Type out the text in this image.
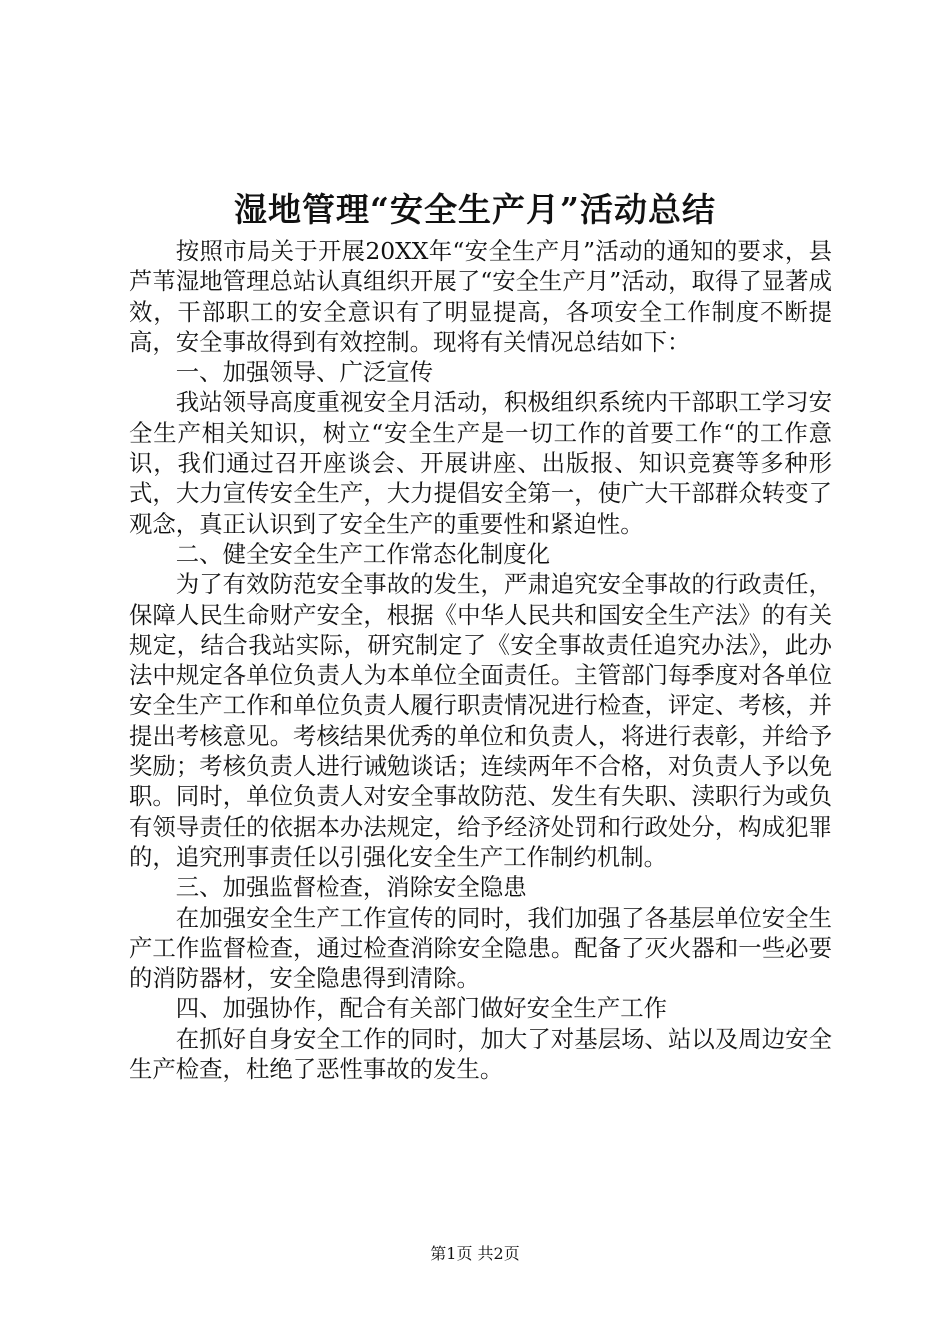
湿地管理“安全生产月”活动总结

按照市局关于开展20XX年“安全生产月”活动的通知的要求，县芦苇湿地管理总站认真组织开展了“安全生产月”活动，取得了显著成效，干部职工的安全意识有了明显提高，各项安全工作制度不断提高，安全事故得到有效控制。现将有关情况总结如下：

一、加强领导、广泛宣传

我站领导高度重视安全月活动，积极组织系统内干部职工学习安全生产相关知识，树立“安全生产是一切工作的首要工作“的工作意识，我们通过召开座谈会、开展讲座、出版报、知识竞赛等多种形式，大力宣传安全生产，大力提倡安全第一，使广大干部群众转变了观念，真正认识到了安全生产的重要性和紧迫性。

二、健全安全生产工作常态化制度化

为了有效防范安全事故的发生，严肃追究安全事故的行政责任，保障人民生命财产安全，根据《中华人民共和国安全生产法》的有关规定，结合我站实际，研究制定了《安全事故责任追究办法》，此办法中规定各单位负责人为本单位全面责任。主管部门每季度对各单位安全生产工作和单位负责人履行职责情况进行检查，评定、考核，并提出考核意见。考核结果优秀的单位和负责人，将进行表彰，并给予奖励；考核负责人进行诫勉谈话；连续两年不合格，对负责人予以免职。同时，单位负责人对安全事故防范、发生有失职、渎职行为或负有领导责任的依据本办法规定，给予经济处罚和行政处分，构成犯罪的，追究刑事责任以引强化安全生产工作制约机制。

三、加强监督检查，消除安全隐患

在加强安全生产工作宣传的同时，我们加强了各基层单位安全生产工作监督检查，通过检查消除安全隐患。配备了灭火器和一些必要的消防器材，安全隐患得到清除。

四、加强协作，配合有关部门做好安全生产工作

在抓好自身安全工作的同时，加大了对基层场、站以及周边安全生产检查，杜绝了恶性事故的发生。

第1页 共2页
